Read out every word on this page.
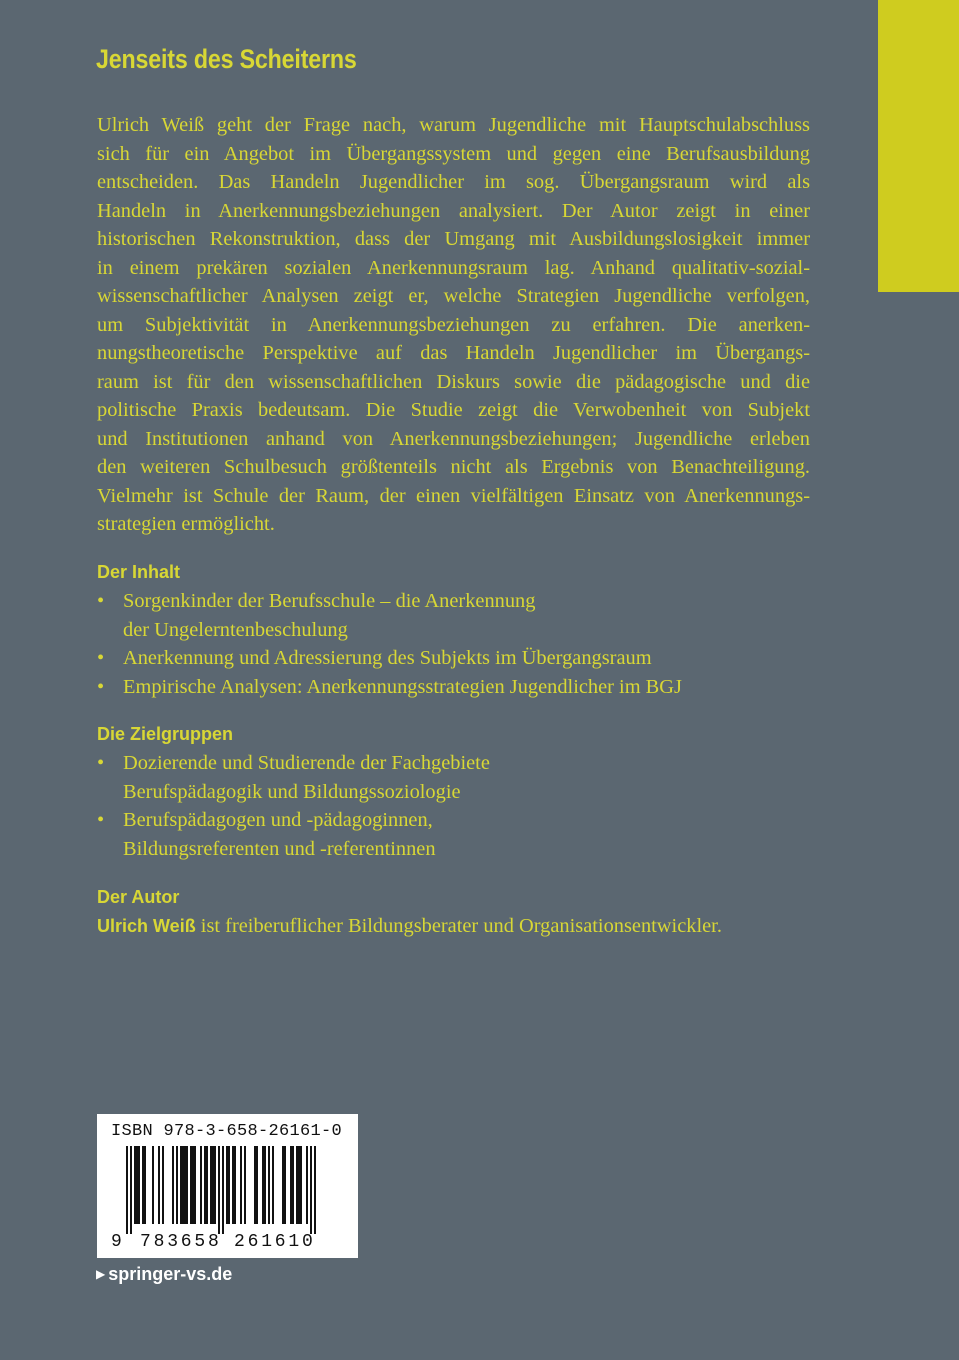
Jenseits des Scheiterns

Ulrich Weiß geht der Frage nach, warum Jugendliche mit Hauptschulabschluss
sich für ein Angebot im Übergangssystem und gegen eine Berufsausbildung
entscheiden. Das Handeln Jugendlicher im sog. Übergangsraum wird als
Handeln in Anerkennungsbeziehungen analysiert. Der Autor zeigt in einer
historischen Rekonstruktion, dass der Umgang mit Ausbildungslosigkeit immer
in einem prekären sozialen Anerkennungsraum lag. Anhand qualitativ-sozial-
wissenschaftlicher Analysen zeigt er, welche Strategien Jugendliche verfolgen,
um Subjektivität in Anerkennungsbeziehungen zu erfahren. Die anerken-
nungstheoretische Perspektive auf das Handeln Jugendlicher im Übergangs-
raum ist für den wissenschaftlichen Diskurs sowie die pädagogische und die
politische Praxis bedeutsam. Die Studie zeigt die Verwobenheit von Subjekt
und Institutionen anhand von Anerkennungsbeziehungen; Jugendliche erleben
den weiteren Schulbesuch größtenteils nicht als Ergebnis von Benachteiligung.
Vielmehr ist Schule der Raum, der einen vielfältigen Einsatz von Anerkennungs-
strategien ermöglicht.

Der Inhalt
• Sorgenkinder der Berufsschule – die Anerkennung
der Ungelerntenbeschulung
• Anerkennung und Adressierung des Subjekts im Übergangsraum
• Empirische Analysen: Anerkennungsstrategien Jugendlicher im BGJ
Die Zielgruppen
• Dozierende und Studierende der Fachgebiete
Berufspädagogik und Bildungssoziologie
• Berufspädagogen und -pädagoginnen,
Bildungsreferenten und -referentinnen
Der Autor
Ulrich Weiß ist freiberuflicher Bildungsberater und Organisationsentwickler.
9 783658 261610
ISBN 978-3-658-26161-0
▶ springer-vs.de
